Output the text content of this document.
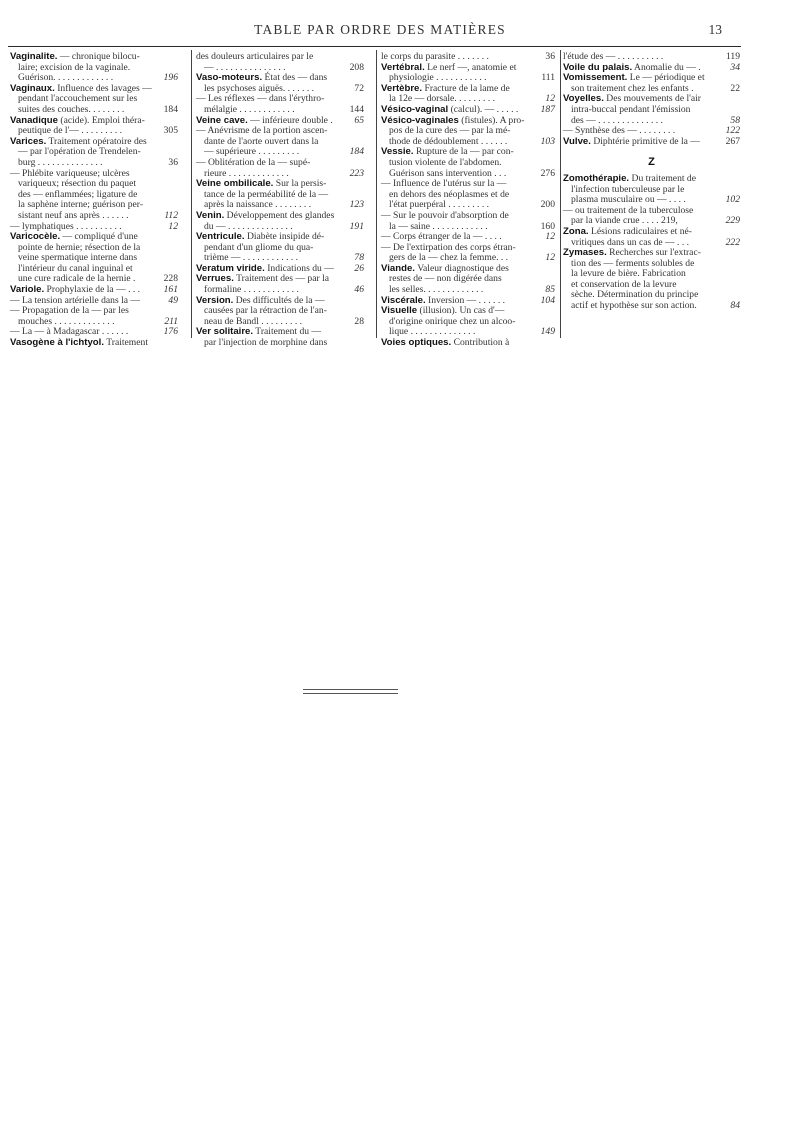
TABLE PAR ORDRE DES MATIÈRES	13
Vaginalite. — chronique bilocu-
laire; excision de la vaginale.
Guérison. . . . . . . . . . . . .	196
Vaginaux. Influence des lavages —
pendant l'accouchement sur les
suites des couches. . . . . . . .	184
Vanadique (acide). Emploi théra-
peutique de l'— . . . . . . . . .	305
Varices. Traitement opératoire des
— par l'opération de Trendelen-
burg . . . . . . . . . . . . . .	36
— Phlébite variqueuse; ulcères
variqueux; résection du paquet
des — enflammées; ligature de
la saphène interne; guérison per-
sistant neuf ans après . . . . . .	112
— lymphatiques . . . . . . . . . .	12
Varicocèle. — compliqué d'une
pointe de hernie; résection de la
veine spermatique interne dans
l'intérieur du canal inguinal et
une cure radicale de la hernie .	228
Variole. Prophylaxie de la — . . .	161
— La tension artérielle dans la —	49
— Propagation de la — par les
mouches . . . . . . . . . . . . .	211
— La — à Madagascar . . . . . .	176
Vasogène à l'ichtyol. Traitement
des douleurs articulaires par le
— . . . . . . . . . . . . . . .	208
Vaso-moteurs. État des — dans
les psychoses aiguës. . . . . . .	72
— Les réflexes — dans l'érythro-
mélalgie . . . . . . . . . . . .	144
Veine cave. — inférieure double .	65
— Anévrisme de la portion ascen-
dante de l'aorte ouvert dans la
— supérieure . . . . . . . . .	184
— Oblitération de la — supé-
rieure . . . . . . . . . . . . .	223
Veine ombilicale. Sur la persis-
tance de la perméabilité de la —
après la naissance . . . . . . . .	123
Venin. Développement des glandes
du — . . . . . . . . . . . . . .	191
Ventricule. Diabète insipide dé-
pendant d'un gliome du qua-
trième — . . . . . . . . . . . .	78
Veratum viride. Indications du —	26
Verrues. Traitement des — par la
formaline . . . . . . . . . . . .	46
Version. Des difficultés de la —
causées par la rétraction de l'an-
neau de Bandl . . . . . . . . .	28
Ver solitaire. Traitement du —
par l'injection de morphine dans
le corps du parasite . . . . . . .	36
Vertébral. Le nerf —, anatomie et
physiologie . . . . . . . . . . .	111
Vertèbre. Fracture de la lame de
la 12e — dorsale. . . . . . . . .	12
Vésico-vaginal (calcul). — . . . . .	187
Vésico-vaginales (fistules). A pro-
pos de la cure des — par la mé-
thode de dédoublement . . . . . .	103
Vessie. Rupture de la — par con-
tusion violente de l'abdomen.
Guérison sans intervention . . .	276
— Influence de l'utérus sur la —
en dehors des néoplasmes et de
l'état puerpéral . . . . . . . . .	200
— Sur le pouvoir d'absorption de
la — saine . . . . . . . . . . . .	160
— Corps étranger de la — . . . .	12
— De l'extirpation des corps étran-
gers de la — chez la femme. . .	12
Viande. Valeur diagnostique des
restes de — non digérée dans
les selles. . . . . . . . . . . . .	85
Viscérale. Inversion — . . . . . .	104
Visuelle (illusion). Un cas d'—
d'origine onirique chez un alcoo-
lique . . . . . . . . . . . . . .	149
Voies optiques. Contribution à
l'étude des — . . . . . . . . . .	119
Voile du palais. Anomalie du — .	34
Vomissement. Le — périodique et
son traitement chez les enfants .	22
Voyelles. Des mouvements de l'air
intra-buccal pendant l'émission
des — . . . . . . . . . . . . . .	58
— Synthèse des — . . . . . . . .	122
Vulve. Diphtérie primitive de la —	267
Z
Zomothérapie. Du traitement de
l'infection tuberculeuse par le
plasma musculaire ou — . . . .	102
— ou traitement de la tuberculose
par la viande crue . . . . 219,	229
Zona. Lésions radiculaires et né-
vritiques dans un cas de — . . .	222
Zymases. Recherches sur l'extrac-
tion des — ferments solubles de
la levure de bière. Fabrication
et conservation de la levure
sèche. Détermination du principe
actif et hypothèse sur son action.	84
